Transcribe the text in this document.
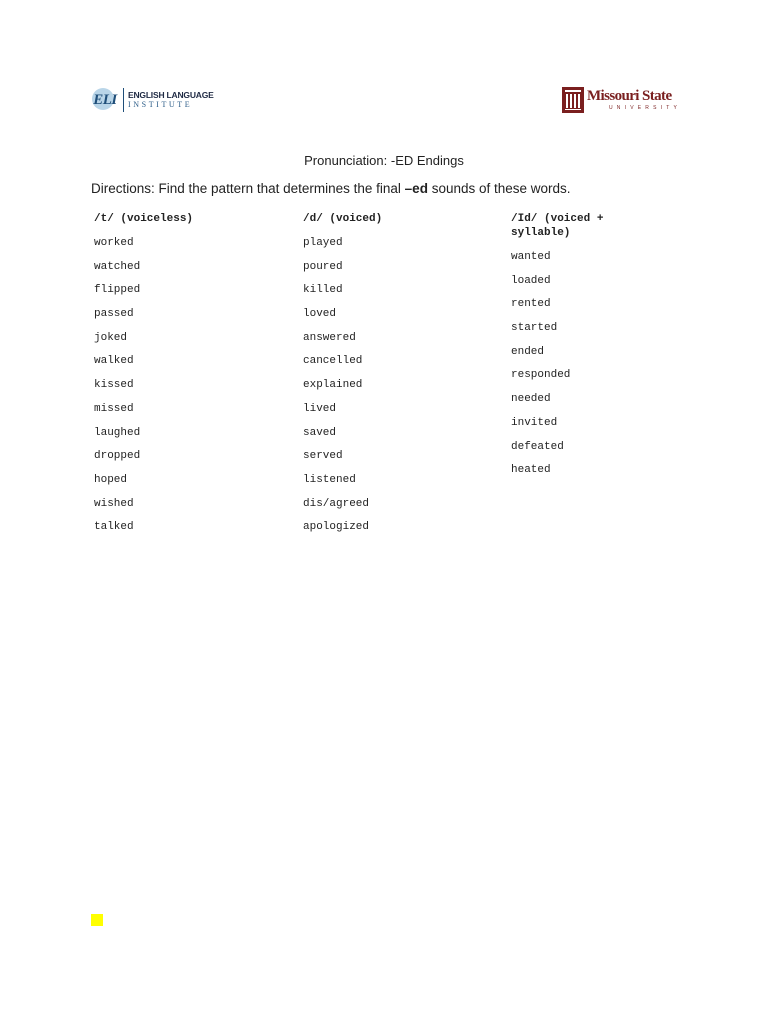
ELI ENGLISH LANGUAGE
INSTITUTE
Missouri State
UNIVERSITY
Pronunciation: -ED Endings
Directions: Find the pattern that determines the final –ed sounds of these words.
/t/ (voiceless)
worked
watched
flipped
passed
joked
walked
kissed
missed
laughed
dropped
hoped
wished
talked
/d/ (voiced)
played
poured
killed
loved
answered
cancelled
explained
lived
saved
served
listened
dis/agreed
apologized
/Id/ (voiced +
syllable)
wanted
loaded
rented
started
ended
responded
needed
invited
defeated
heated
